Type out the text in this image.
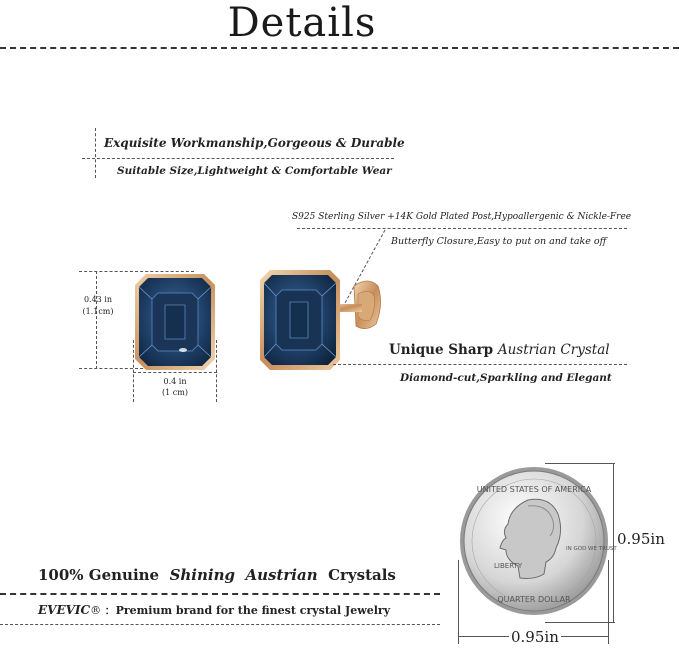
Details
Exquisite Workmanship,Gorgeous & Durable
Suitable Size,Lightweight & Comfortable Wear
S925 Sterling Silver +14K Gold Plated Post,Hypoallergenic & Nickle-Free
Butterfly Closure,Easy to put on and take off
0.43 in
(1.1cm)
0.4 in
(1 cm)
Unique Sharp Austrian Crystal
Diamond-cut,Sparkling and Elegant
UNITED STATES OF AMERICA
LIBERTY
IN GOD WE TRUST
QUARTER DOLLAR
0.95in
0.95in
100% Genuine Shining Austrian Crystals
EVEVIC® ：Premium brand for the finest crystal Jewelry
